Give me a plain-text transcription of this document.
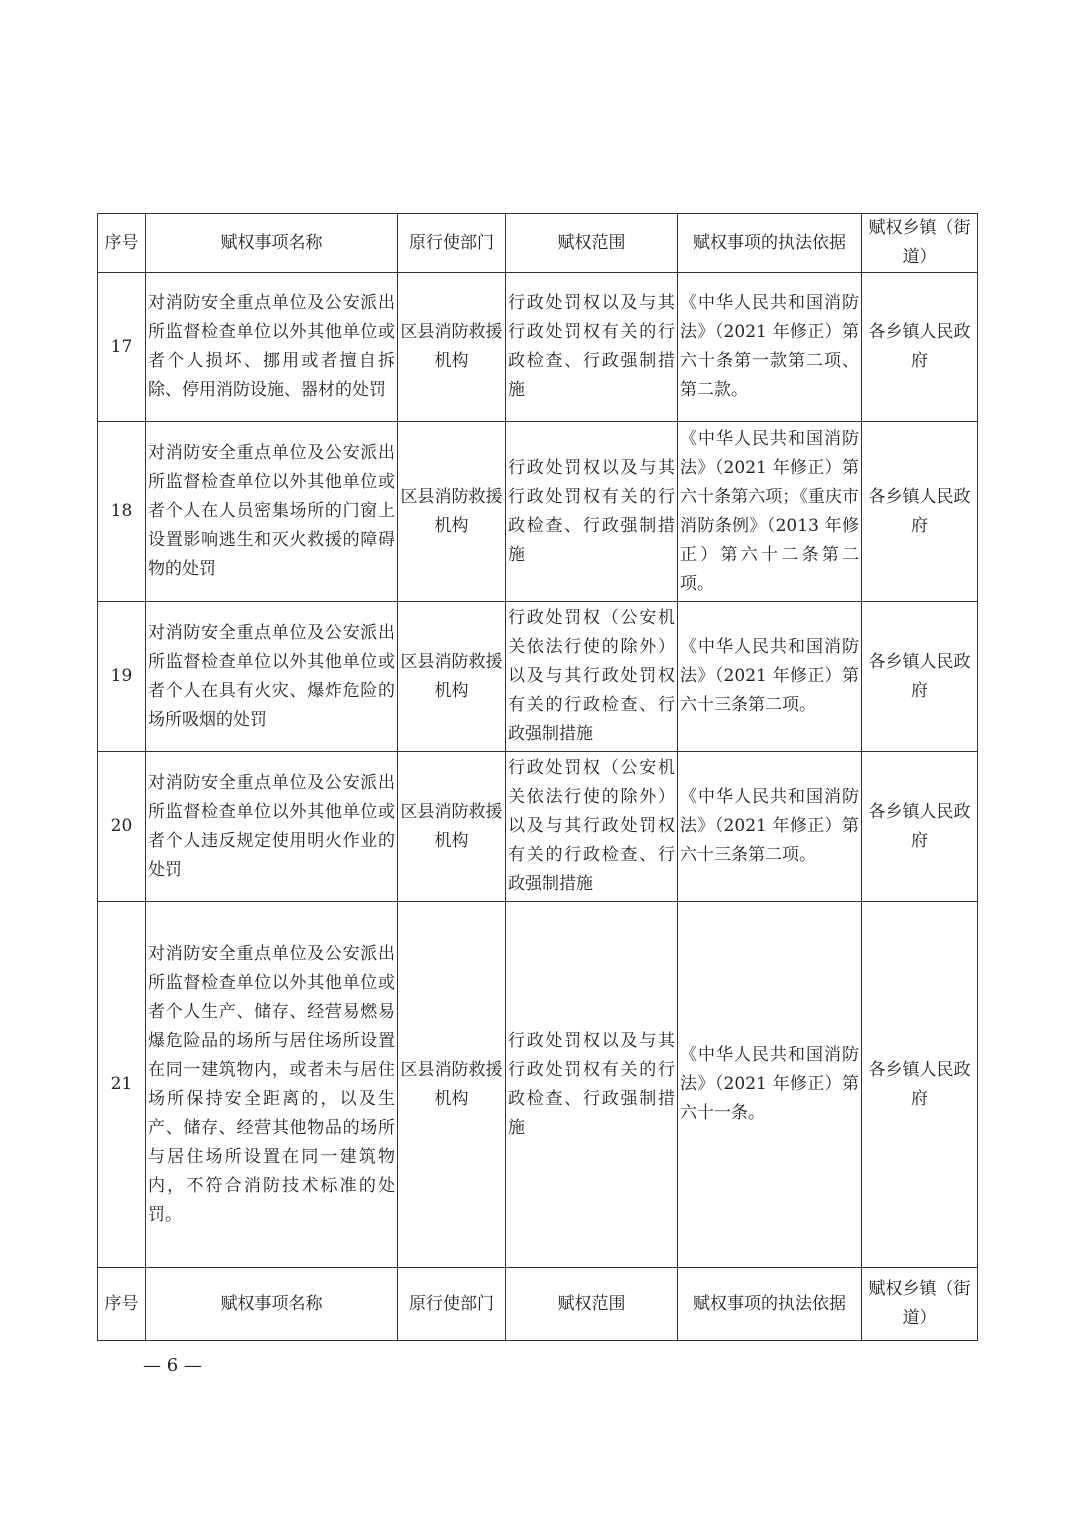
序号	赋权事项名称	原行使部门	赋权范围	赋权事项的执法依据	赋权乡镇（街道）
17	对消防安全重点单位及公安派出所监督检查单位以外其他单位或者个人损坏、挪用或者擅自拆除、停用消防设施、器材的处罚	区县消防救援机构	行政处罚权以及与其行政处罚权有关的行政检查、行政强制措施	《中华人民共和国消防法》（2021 年修正）第六十条第一款第二项、第二款。	各乡镇人民政府
18	对消防安全重点单位及公安派出所监督检查单位以外其他单位或者个人在人员密集场所的门窗上设置影响逃生和灭火救援的障碍物的处罚	区县消防救援机构	行政处罚权以及与其行政处罚权有关的行政检查、行政强制措施	《中华人民共和国消防法》（2021 年修正）第六十条第六项；《重庆市消防条例》（2013 年修正）第六十二条第二项。	各乡镇人民政府
19	对消防安全重点单位及公安派出所监督检查单位以外其他单位或者个人在具有火灾、爆炸危险的场所吸烟的处罚	区县消防救援机构	行政处罚权（公安机关依法行使的除外）以及与其行政处罚权有关的行政检查、行政强制措施	《中华人民共和国消防法》（2021 年修正）第六十三条第二项。	各乡镇人民政府
20	对消防安全重点单位及公安派出所监督检查单位以外其他单位或者个人违反规定使用明火作业的处罚	区县消防救援机构	行政处罚权（公安机关依法行使的除外）以及与其行政处罚权有关的行政检查、行政强制措施	《中华人民共和国消防法》（2021 年修正）第六十三条第二项。	各乡镇人民政府
21	对消防安全重点单位及公安派出所监督检查单位以外其他单位或者个人生产、储存、经营易燃易爆危险品的场所与居住场所设置在同一建筑物内，或者未与居住场所保持安全距离的，以及生产、储存、经营其他物品的场所与居住场所设置在同一建筑物内，不符合消防技术标准的处罚。	区县消防救援机构	行政处罚权以及与其行政处罚权有关的行政检查、行政强制措施	《中华人民共和国消防法》（2021 年修正）第六十一条。	各乡镇人民政府
序号	赋权事项名称	原行使部门	赋权范围	赋权事项的执法依据	赋权乡镇（街道）
— 6 —
